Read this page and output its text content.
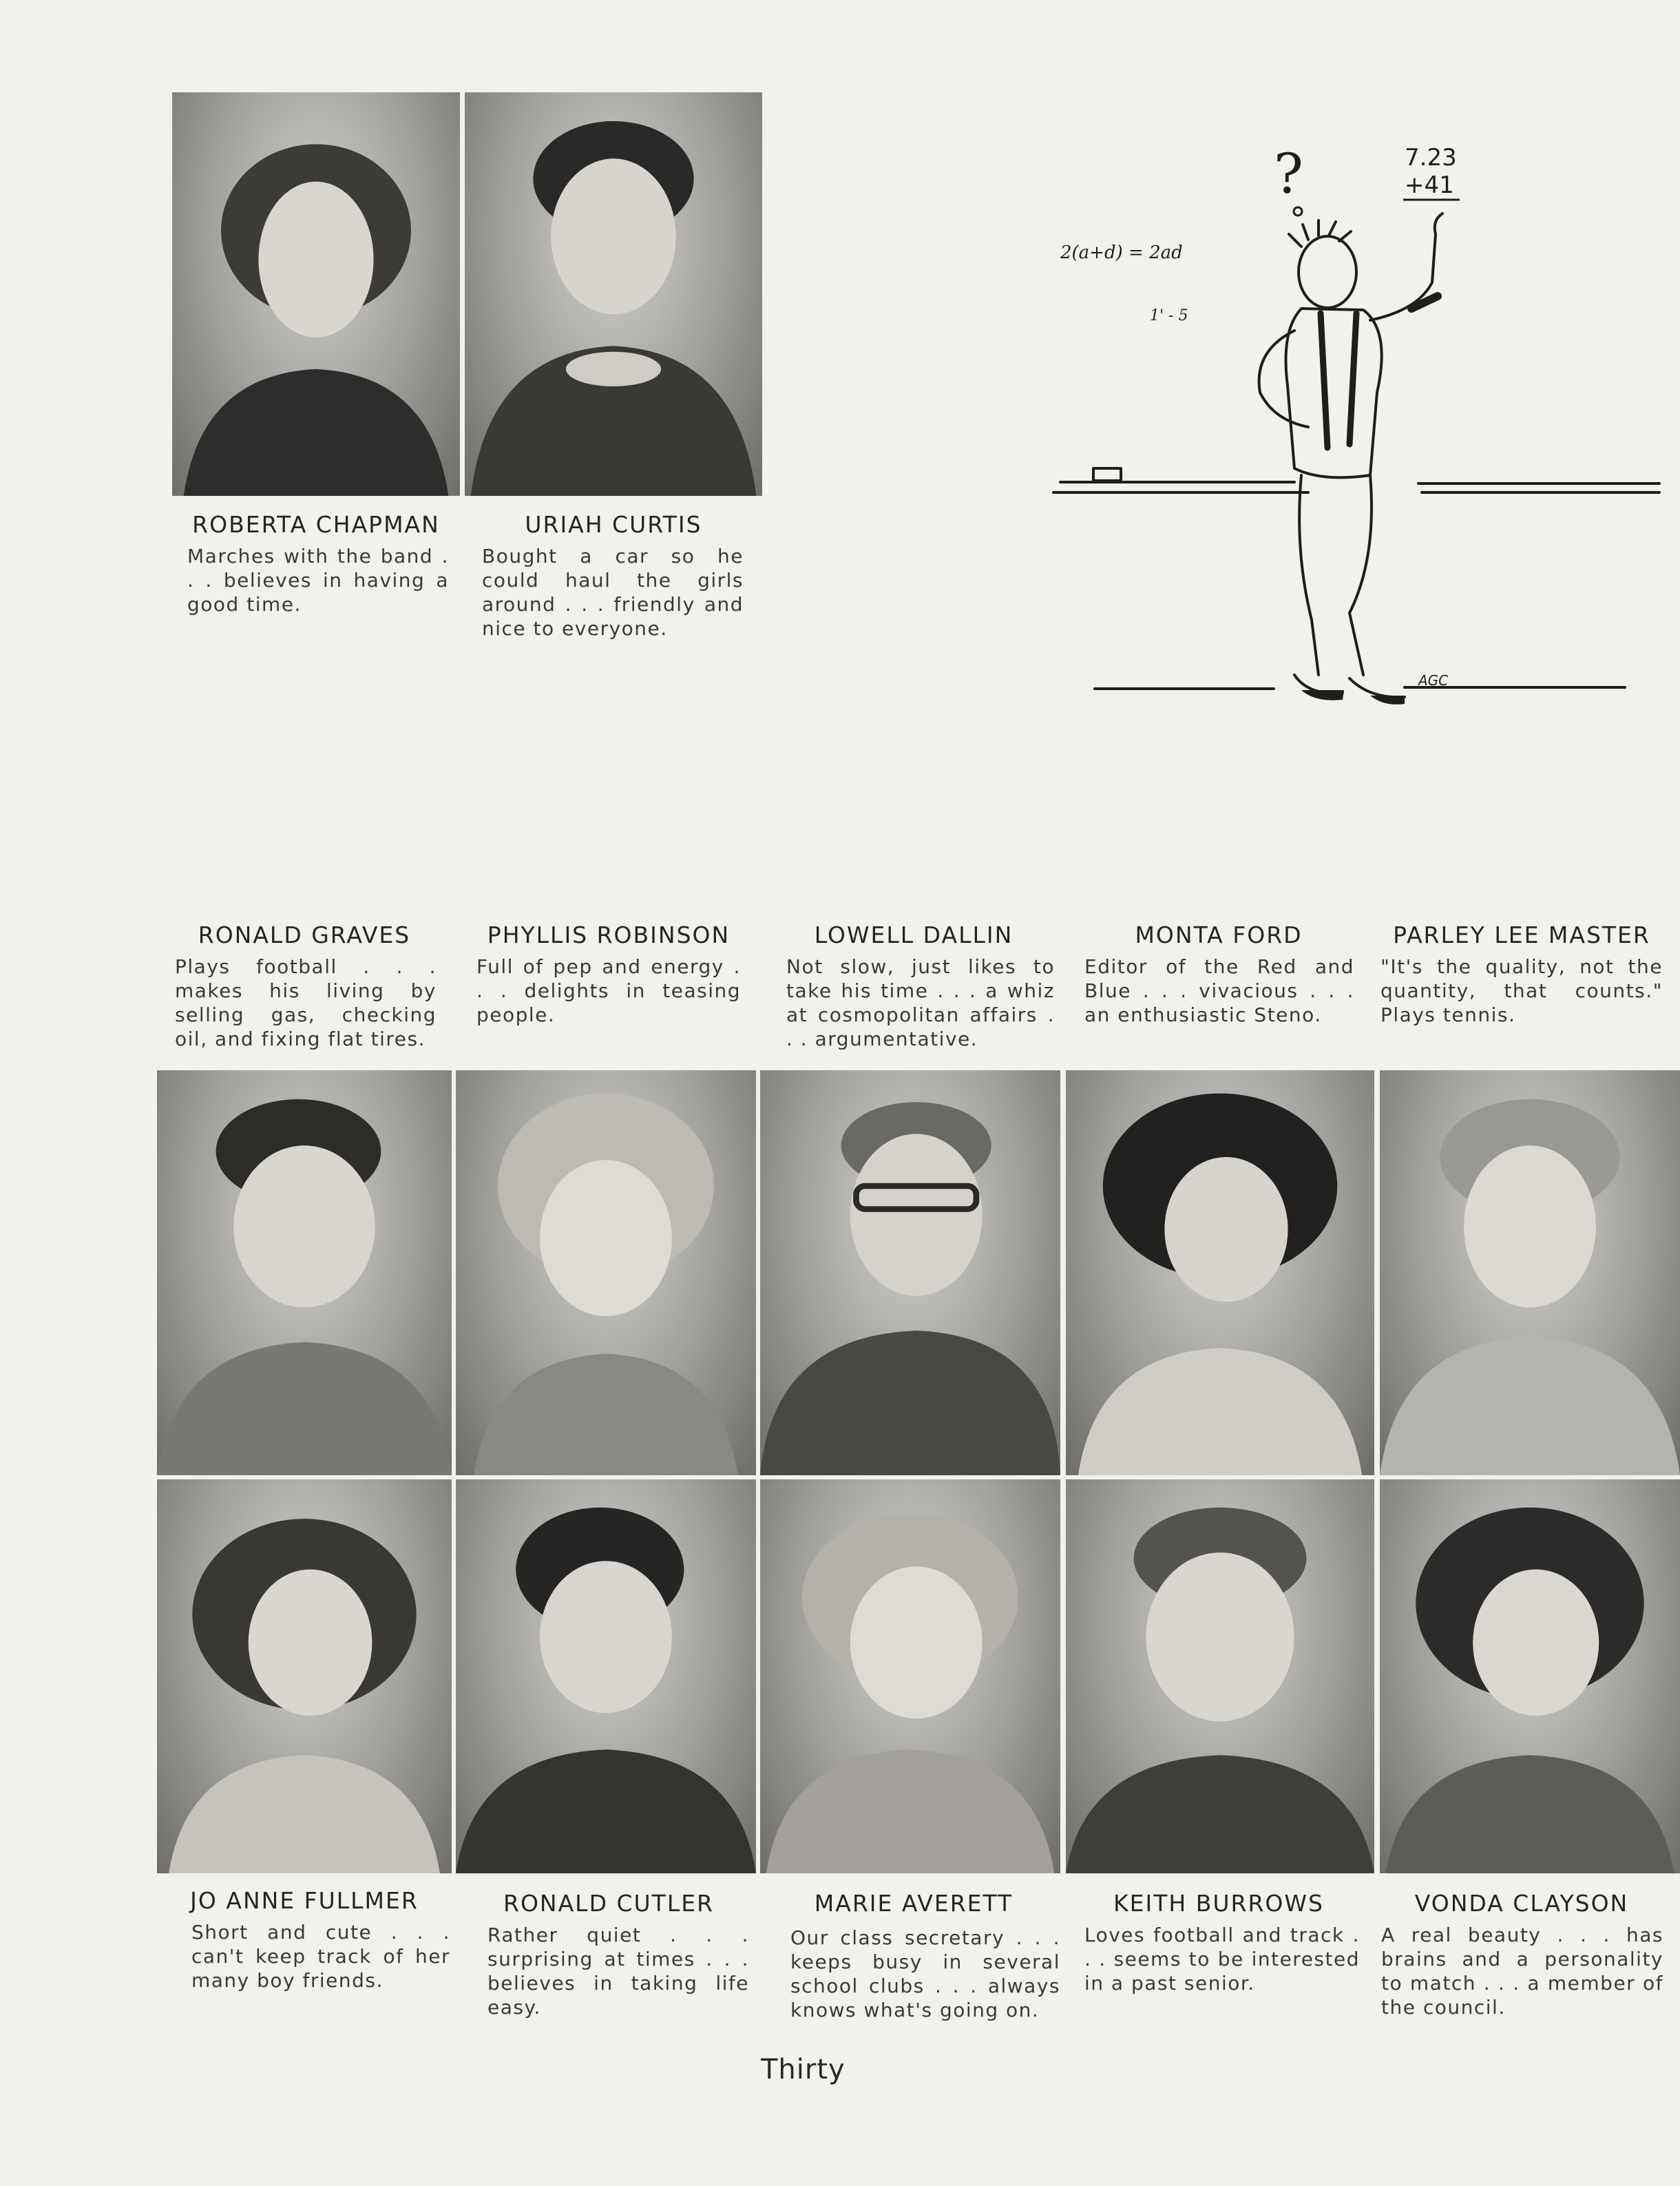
ROBERTA CHAPMAN
Marches with the band . . . believes in having a good time.
URIAH CURTIS
Bought a car so he could haul the girls around . . . friendly and nice to everyone.
?	7.23
+41
2(a+d) = 2ad
1' - 5
AGC
RONALD GRAVES
Plays football . . . makes his living by selling gas, checking oil, and fixing flat tires.
PHYLLIS ROBINSON
Full of pep and energy . . . delights in teasing people.
LOWELL DALLIN
Not slow, just likes to take his time . . . a whiz at cosmopolitan affairs . . . argumentative.
MONTA FORD
Editor of the Red and Blue . . . vivacious . . . an enthusiastic Steno.
PARLEY LEE MASTER
"It's the quality, not the quantity, that counts." Plays tennis.
JO ANNE FULLMER
Short and cute . . . can't keep track of her many boy friends.
RONALD CUTLER
Rather quiet . . . surprising at times . . . believes in taking life easy.
MARIE AVERETT
Our class secretary . . . keeps busy in several school clubs . . . always knows what's going on.
KEITH BURROWS
Loves football and track . . . seems to be interested in a past senior.
VONDA CLAYSON
A real beauty . . . has brains and a personality to match . . . a member of the council.
Thirty
